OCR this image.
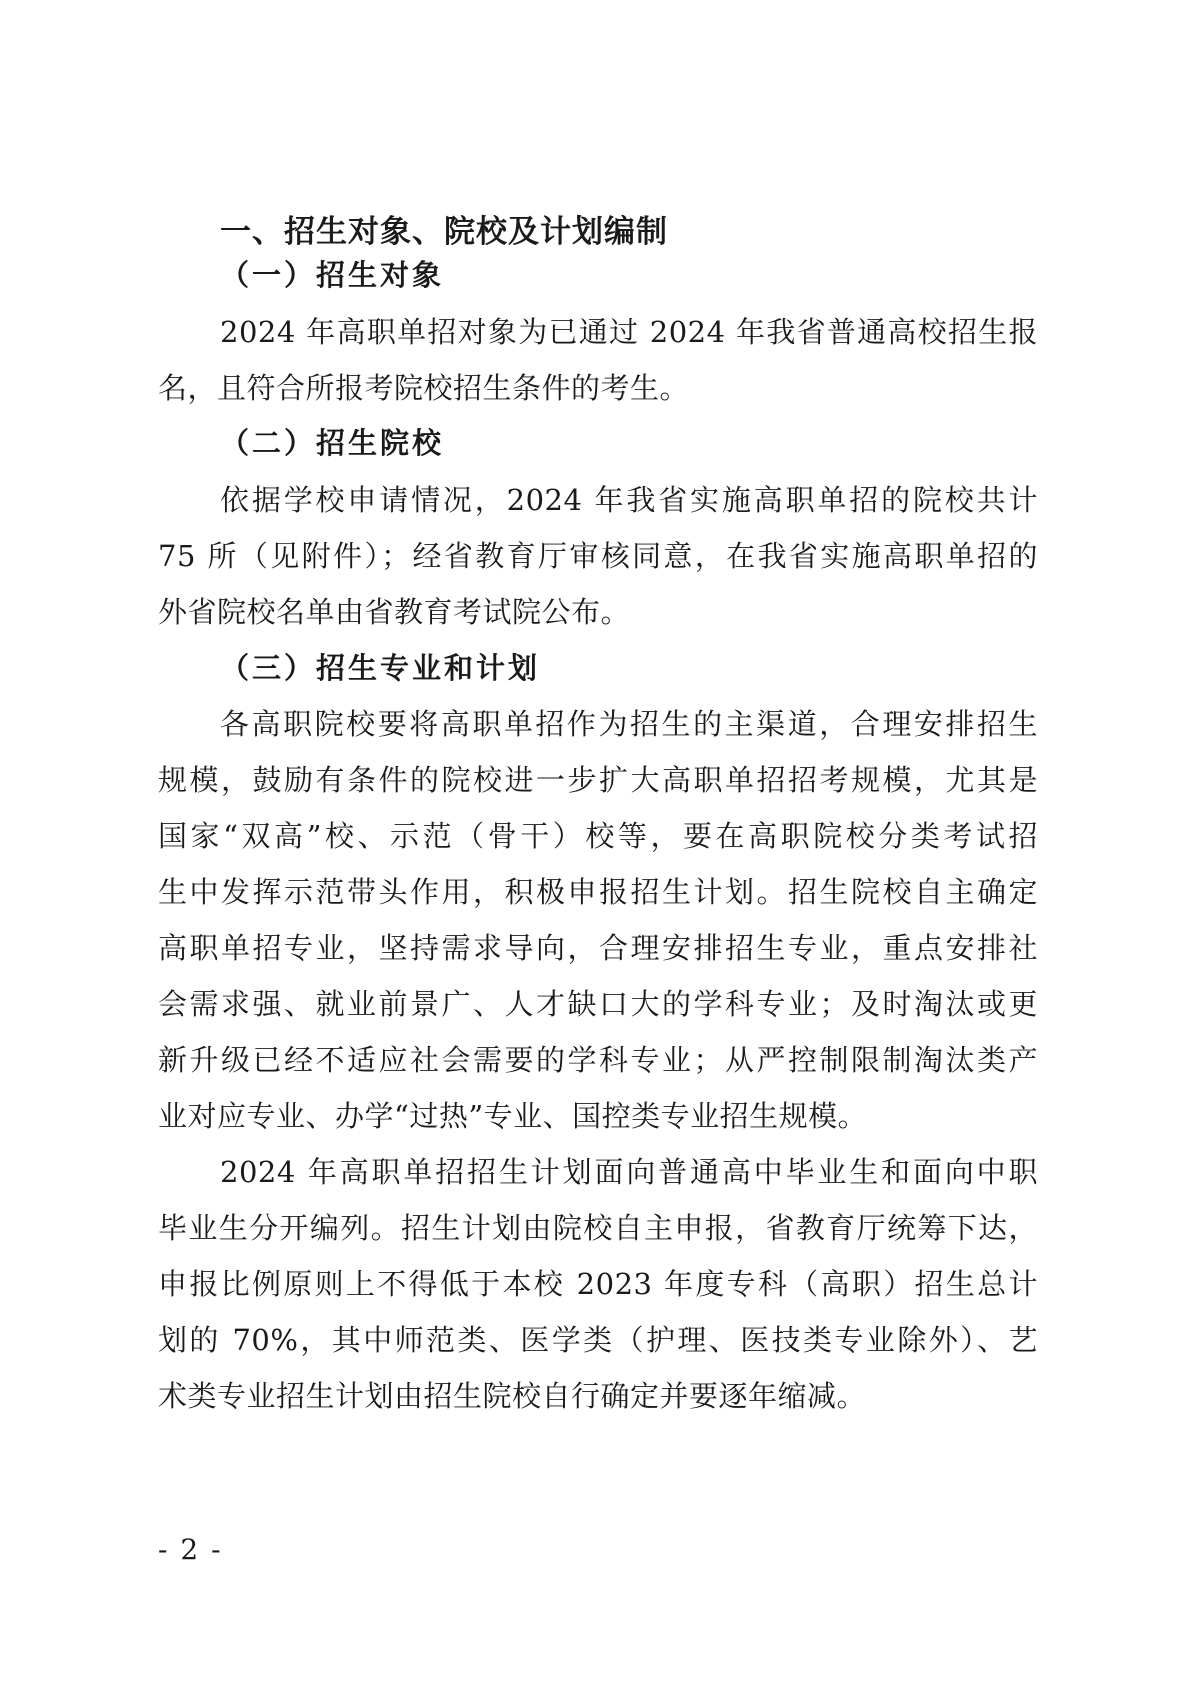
一、招生对象、院校及计划编制
（一）招生对象

2024 年高职单招对象为已通过 2024 年我省普通高校招生报

名，且符合所报考院校招生条件的考生。

（二）招生院校

依据学校申请情况，2024 年我省实施高职单招的院校共计

75 所（见附件）；经省教育厅审核同意，在我省实施高职单招的

外省院校名单由省教育考试院公布。

（三）招生专业和计划

各高职院校要将高职单招作为招生的主渠道，合理安排招生

规模，鼓励有条件的院校进一步扩大高职单招招考规模，尤其是

国家“双高”校、示范（骨干）校等，要在高职院校分类考试招

生中发挥示范带头作用，积极申报招生计划。招生院校自主确定

高职单招专业，坚持需求导向，合理安排招生专业，重点安排社

会需求强、就业前景广、人才缺口大的学科专业；及时淘汰或更

新升级已经不适应社会需要的学科专业；从严控制限制淘汰类产

业对应专业、办学“过热”专业、国控类专业招生规模。

2024 年高职单招招生计划面向普通高中毕业生和面向中职

毕业生分开编列。招生计划由院校自主申报，省教育厅统筹下达，

申报比例原则上不得低于本校 2023 年度专科（高职）招生总计

划的 70%，其中师范类、医学类（护理、医技类专业除外）、艺

术类专业招生计划由招生院校自行确定并要逐年缩减。

- 2 -
